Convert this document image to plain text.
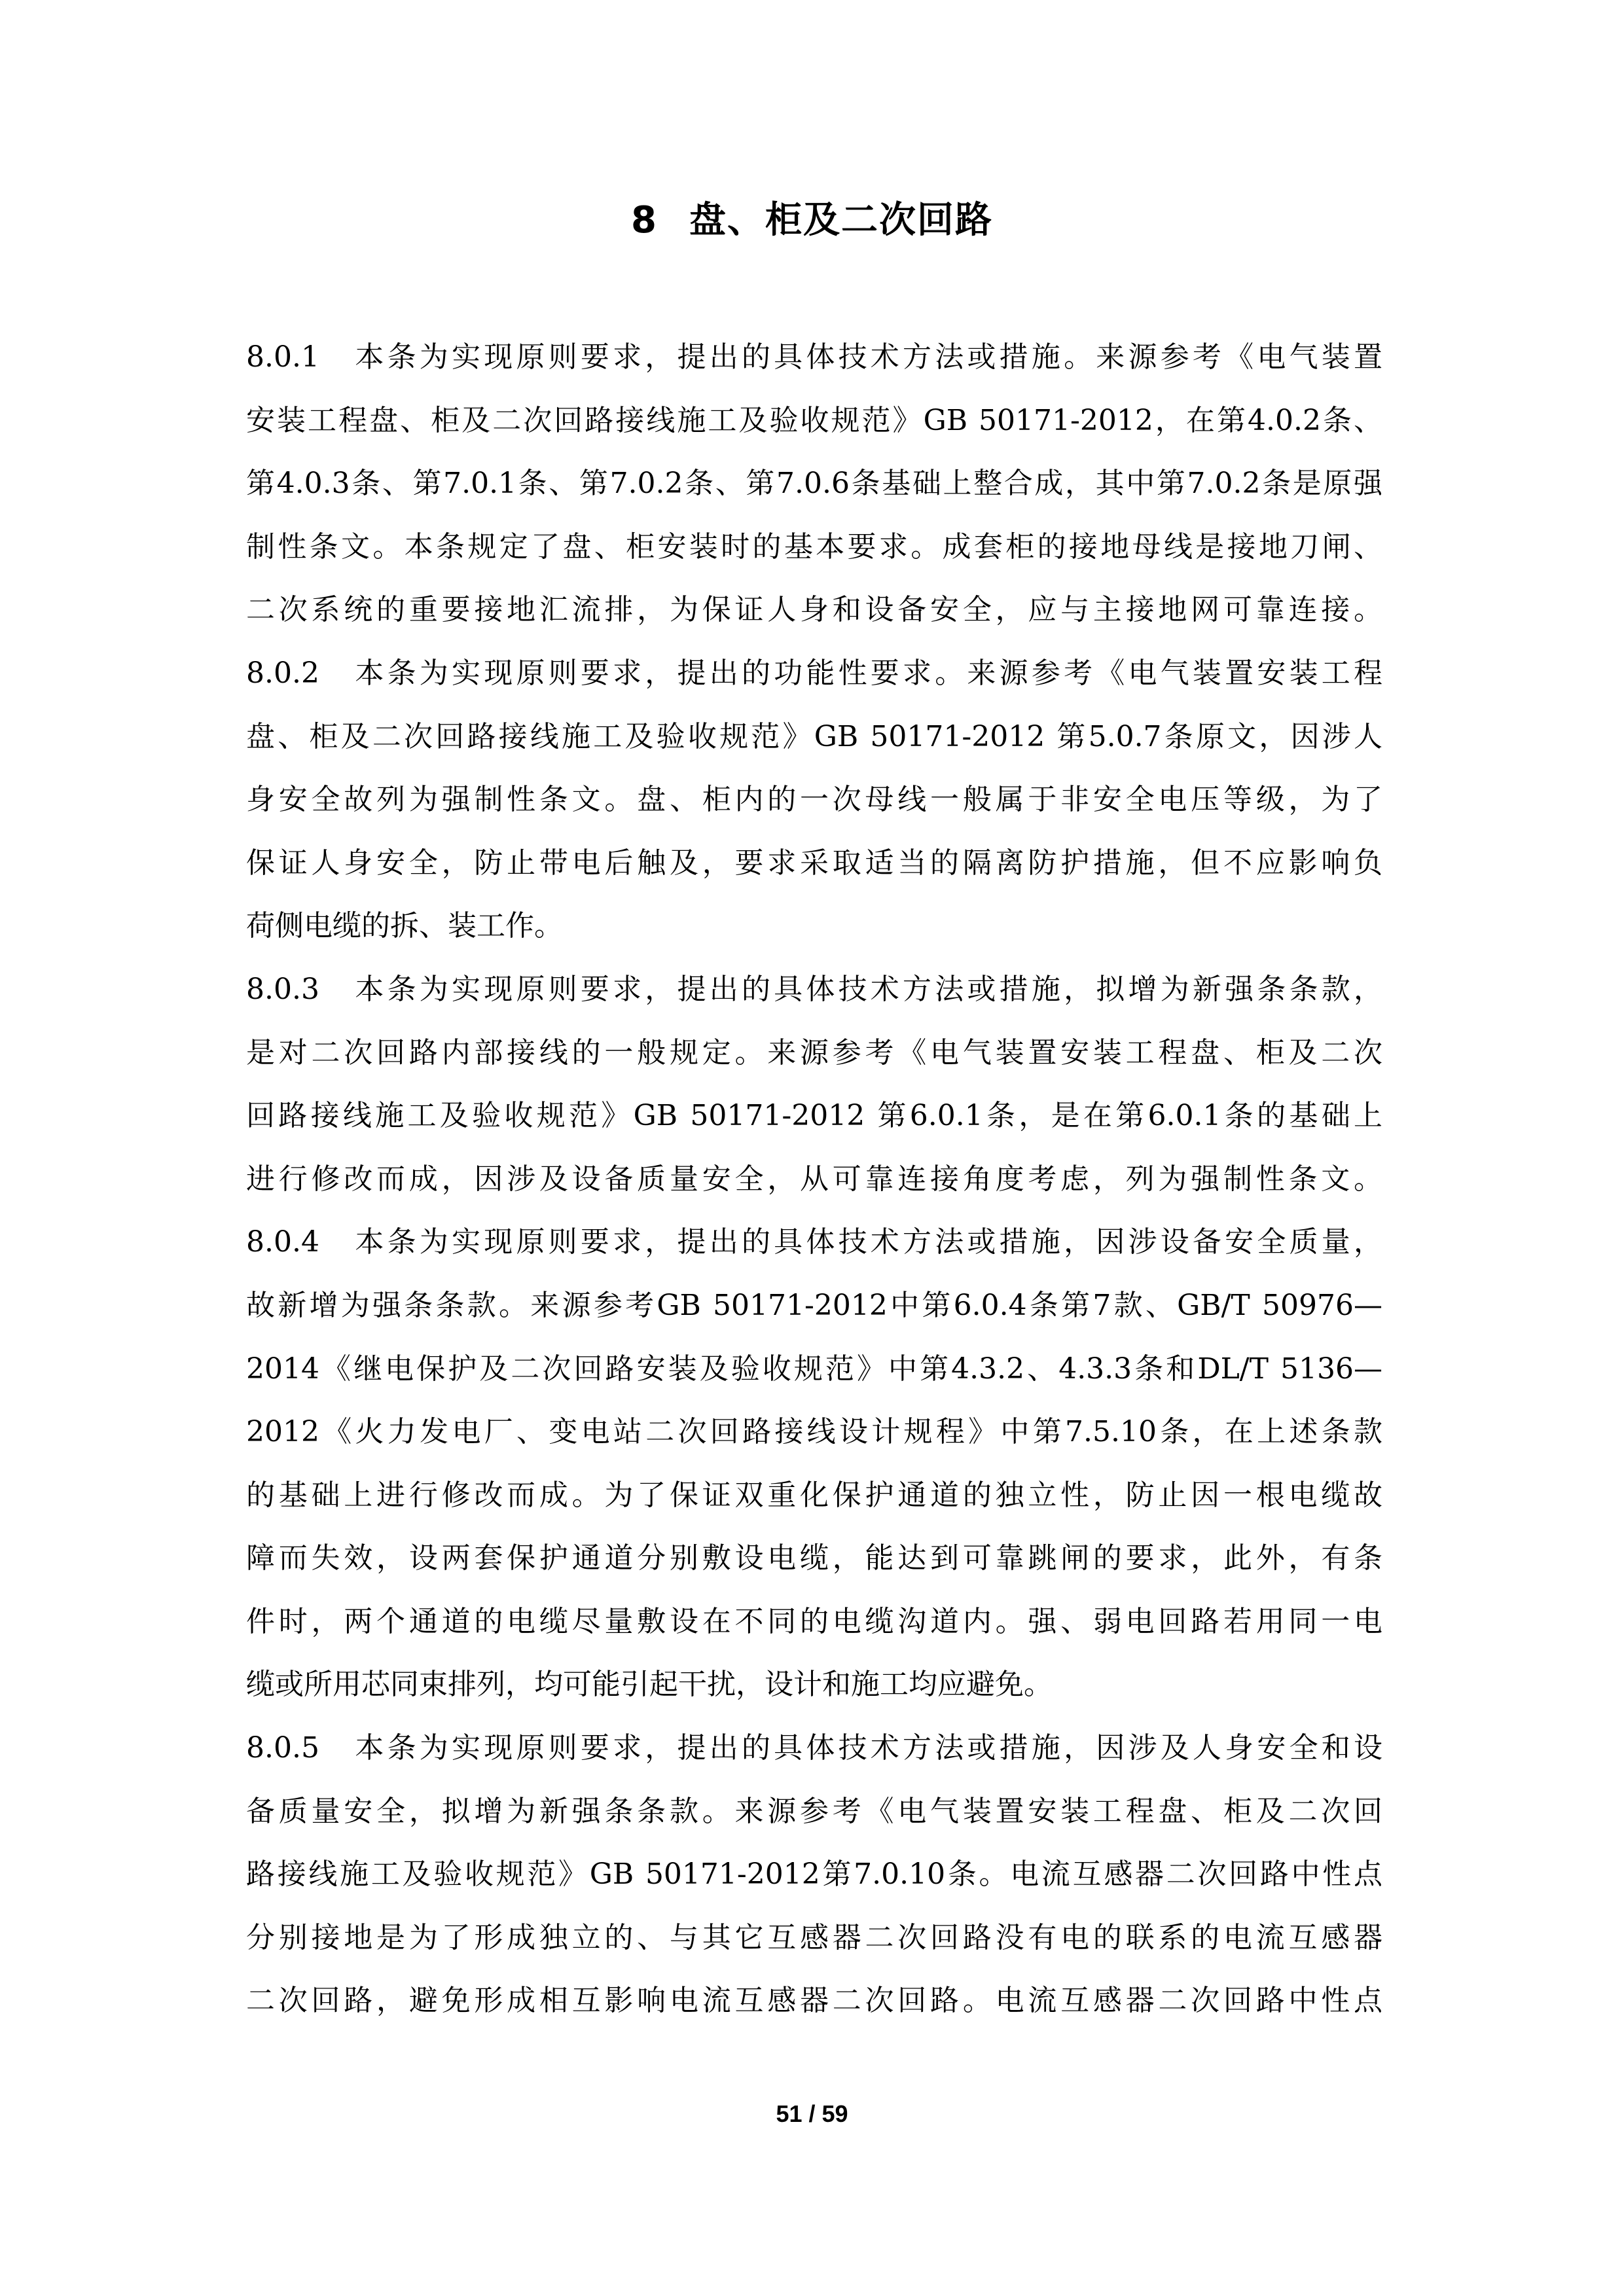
8 盘、柜及二次回路
8.0.1　本条为实现原则要求，提出的具体技术方法或措施。来源参考《电气装置
安装工程盘、柜及二次回路接线施工及验收规范》GB 50171-2012，在第4.0.2条、
第4.0.3条、第7.0.1条、第7.0.2条、第7.0.6条基础上整合成，其中第7.0.2条是原强
制性条文。本条规定了盘、柜安装时的基本要求。成套柜的接地母线是接地刀闸、
二次系统的重要接地汇流排，为保证人身和设备安全，应与主接地网可靠连接。
8.0.2　本条为实现原则要求，提出的功能性要求。来源参考《电气装置安装工程
盘、柜及二次回路接线施工及验收规范》GB 50171-2012 第5.0.7条原文，因涉人
身安全故列为强制性条文。盘、柜内的一次母线一般属于非安全电压等级，为了
保证人身安全，防止带电后触及，要求采取适当的隔离防护措施，但不应影响负
荷侧电缆的拆、装工作。
8.0.3　本条为实现原则要求，提出的具体技术方法或措施，拟增为新强条条款，
是对二次回路内部接线的一般规定。来源参考《电气装置安装工程盘、柜及二次
回路接线施工及验收规范》GB 50171-2012 第6.0.1条，是在第6.0.1条的基础上
进行修改而成，因涉及设备质量安全，从可靠连接角度考虑，列为强制性条文。
8.0.4　本条为实现原则要求，提出的具体技术方法或措施，因涉设备安全质量，
故新增为强条条款。来源参考GB 50171-2012中第6.0.4条第7款、GB/T 50976—
2014《继电保护及二次回路安装及验收规范》中第4.3.2、4.3.3条和DL/T 5136—
2012《火力发电厂、变电站二次回路接线设计规程》中第7.5.10条，在上述条款
的基础上进行修改而成。为了保证双重化保护通道的独立性，防止因一根电缆故
障而失效，设两套保护通道分别敷设电缆，能达到可靠跳闸的要求，此外，有条
件时，两个通道的电缆尽量敷设在不同的电缆沟道内。强、弱电回路若用同一电
缆或所用芯同束排列，均可能引起干扰，设计和施工均应避免。
8.0.5　本条为实现原则要求，提出的具体技术方法或措施，因涉及人身安全和设
备质量安全，拟增为新强条条款。来源参考《电气装置安装工程盘、柜及二次回
路接线施工及验收规范》GB 50171-2012第7.0.10条。电流互感器二次回路中性点
分别接地是为了形成独立的、与其它互感器二次回路没有电的联系的电流互感器
二次回路，避免形成相互影响电流互感器二次回路。电流互感器二次回路中性点
51 / 59
